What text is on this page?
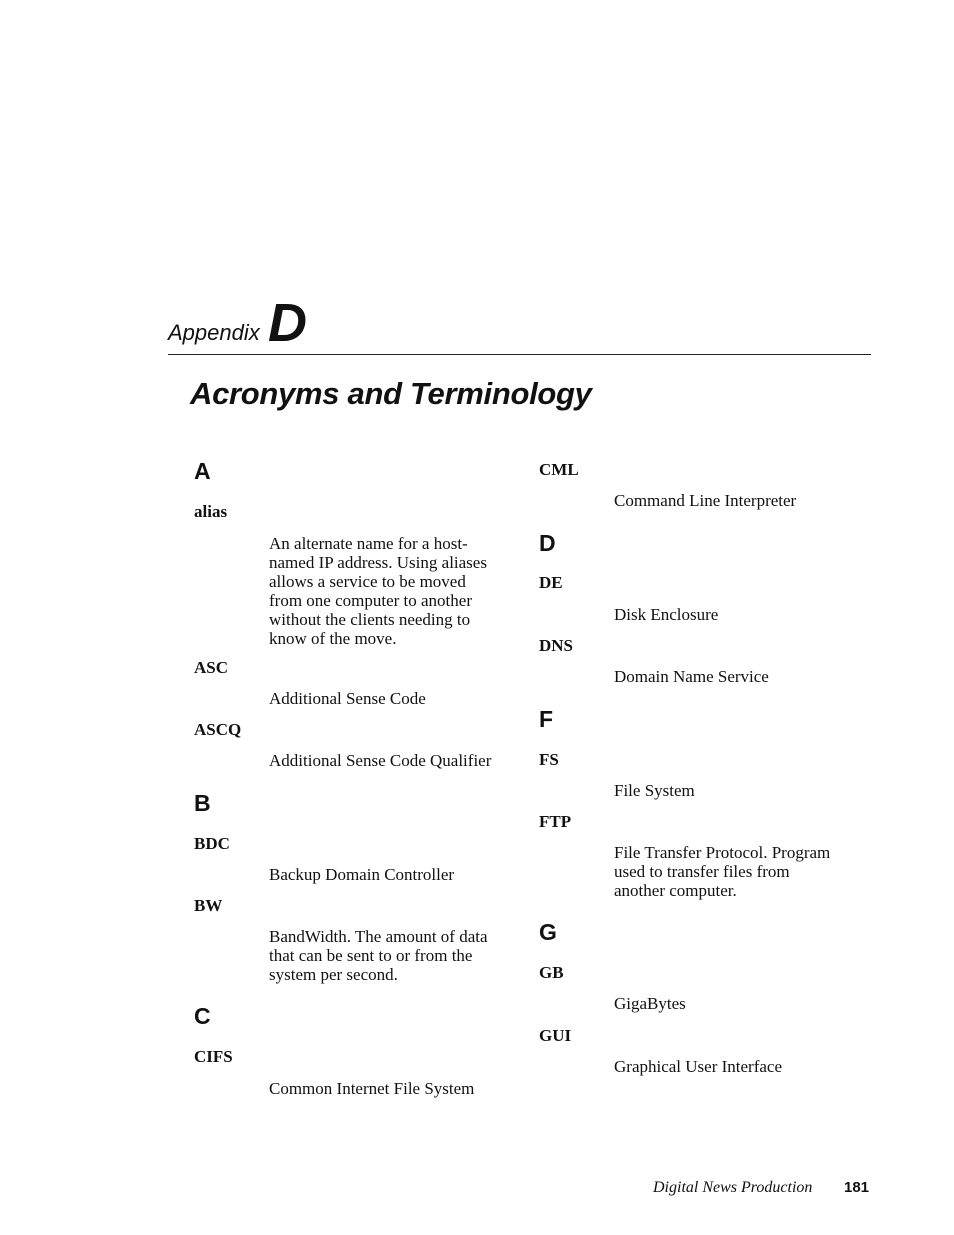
Appendix D
Acronyms and Terminology
A
alias
An alternate name for a host-named IP address. Using aliases allows a service to be moved from one computer to another without the clients needing to know of the move.
ASC
Additional Sense Code
ASCQ
Additional Sense Code Qualifier
B
BDC
Backup Domain Controller
BW
BandWidth. The amount of data that can be sent to or from the system per second.
C
CIFS
Common Internet File System
CML
Command Line Interpreter
D
DE
Disk Enclosure
DNS
Domain Name Service
F
FS
File System
FTP
File Transfer Protocol. Program used to transfer files from another computer.
G
GB
GigaBytes
GUI
Graphical User Interface
Digital News Production 181
